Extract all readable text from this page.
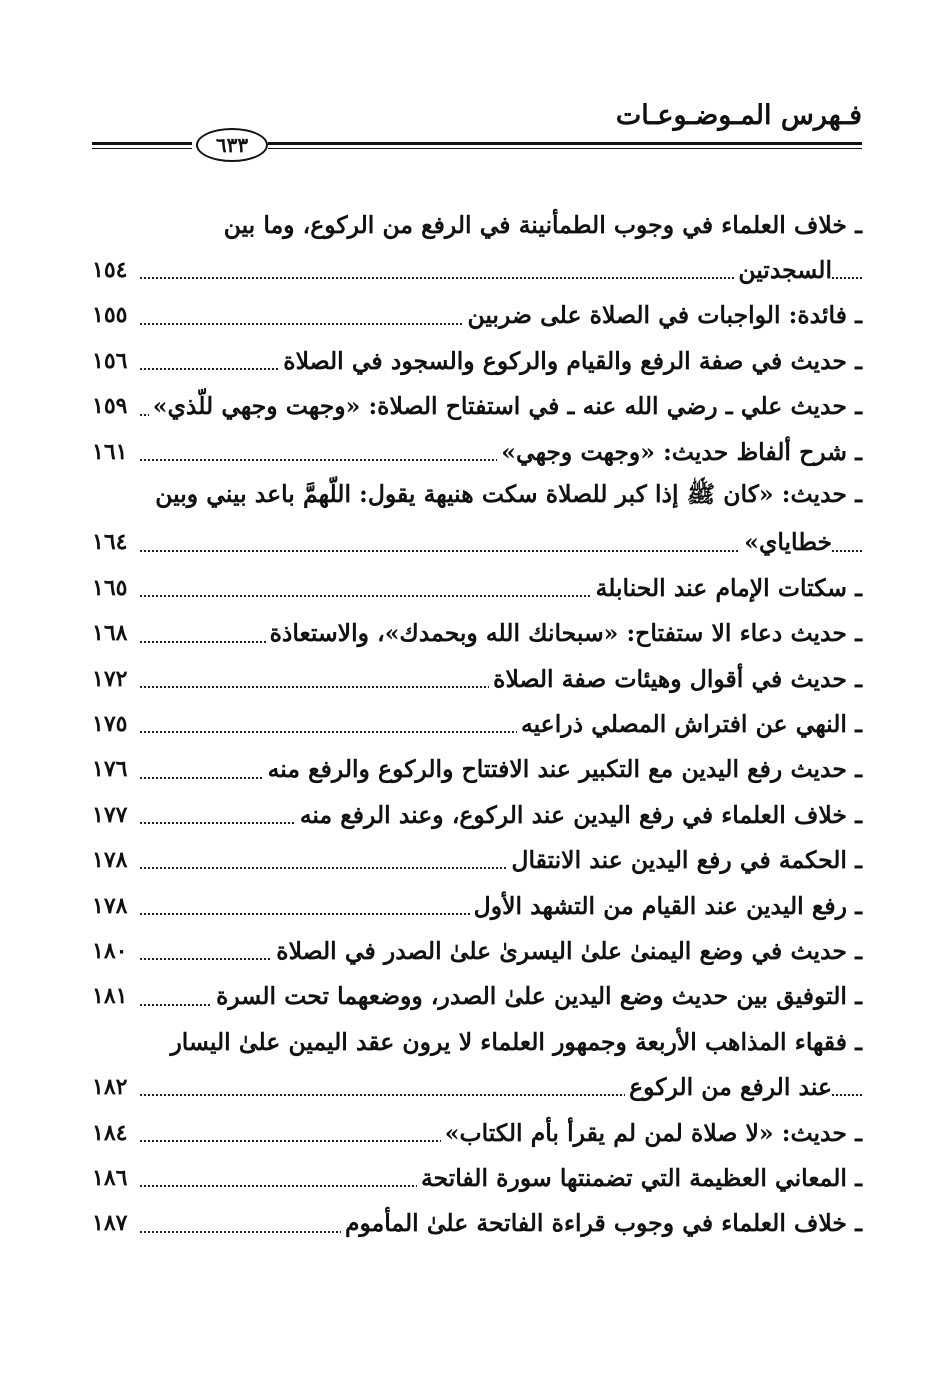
فـهرس المـوضـوعـات
٦٣٣
ـ خلاف العلماء في وجوب الطمأنينة في الرفع من الركوع، وما بين
السجدتين
١٥٤
ـ فائدة: الواجبات في الصلاة على ضربين
١٥٥
ـ حديث في صفة الرفع والقيام والركوع والسجود في الصلاة
١٥٦
ـ حديث علي ـ رضي الله عنه ـ في استفتاح الصلاة: «وجهت وجهي للّذي»
١٥٩
ـ شرح ألفاظ حديث: «وجهت وجهي»
١٦١
ـ حديث: «كان ﷺ إذا كبر للصلاة سكت هنيهة يقول: اللّهمَّ باعد بيني وبين
خطاياي»
١٦٤
ـ سكتات الإمام عند الحنابلة
١٦٥
ـ حديث دعاء الا ستفتاح: «سبحانك الله وبحمدك»، والاستعاذة
١٦٨
ـ حديث في أقوال وهيئات صفة الصلاة
١٧٢
ـ النهي عن افتراش المصلي ذراعيه
١٧٥
ـ حديث رفع اليدين مع التكبير عند الافتتاح والركوع والرفع منه
١٧٦
ـ خلاف العلماء في رفع اليدين عند الركوع، وعند الرفع منه
١٧٧
ـ الحكمة في رفع اليدين عند الانتقال
١٧٨
ـ رفع اليدين عند القيام من التشهد الأول
١٧٨
ـ حديث في وضع اليمنىٰ علىٰ اليسرىٰ علىٰ الصدر في الصلاة
١٨٠
ـ التوفيق بين حديث وضع اليدين علىٰ الصدر، ووضعهما تحت السرة
١٨١
ـ فقهاء المذاهب الأربعة وجمهور العلماء لا يرون عقد اليمين علىٰ اليسار
عند الرفع من الركوع
١٨٢
ـ حديث: «لا صلاة لمن لم يقرأ بأم الكتاب»
١٨٤
ـ المعاني العظيمة التي تضمنتها سورة الفاتحة
١٨٦
ـ خلاف العلماء في وجوب قراءة الفاتحة علىٰ المأموم
١٨٧
